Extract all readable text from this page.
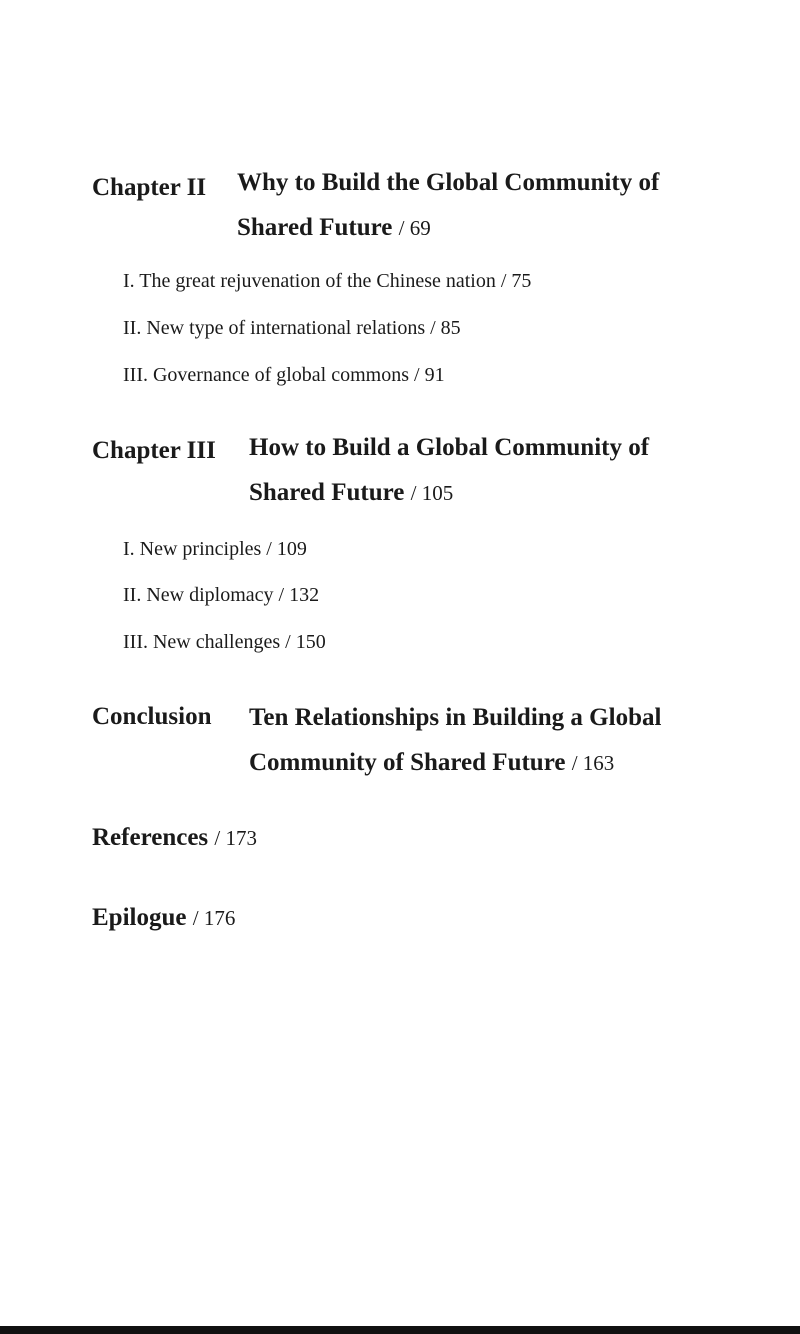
Chapter II Why to Build the Global Community of
Shared Future / 69
I. The great rejuvenation of the Chinese nation / 75
II. New type of international relations / 85
III. Governance of global commons / 91
Chapter III How to Build a Global Community of
Shared Future / 105
I. New principles / 109
II. New diplomacy / 132
III. New challenges / 150
Conclusion Ten Relationships in Building a Global
Community of Shared Future / 163
References / 173
Epilogue / 176
